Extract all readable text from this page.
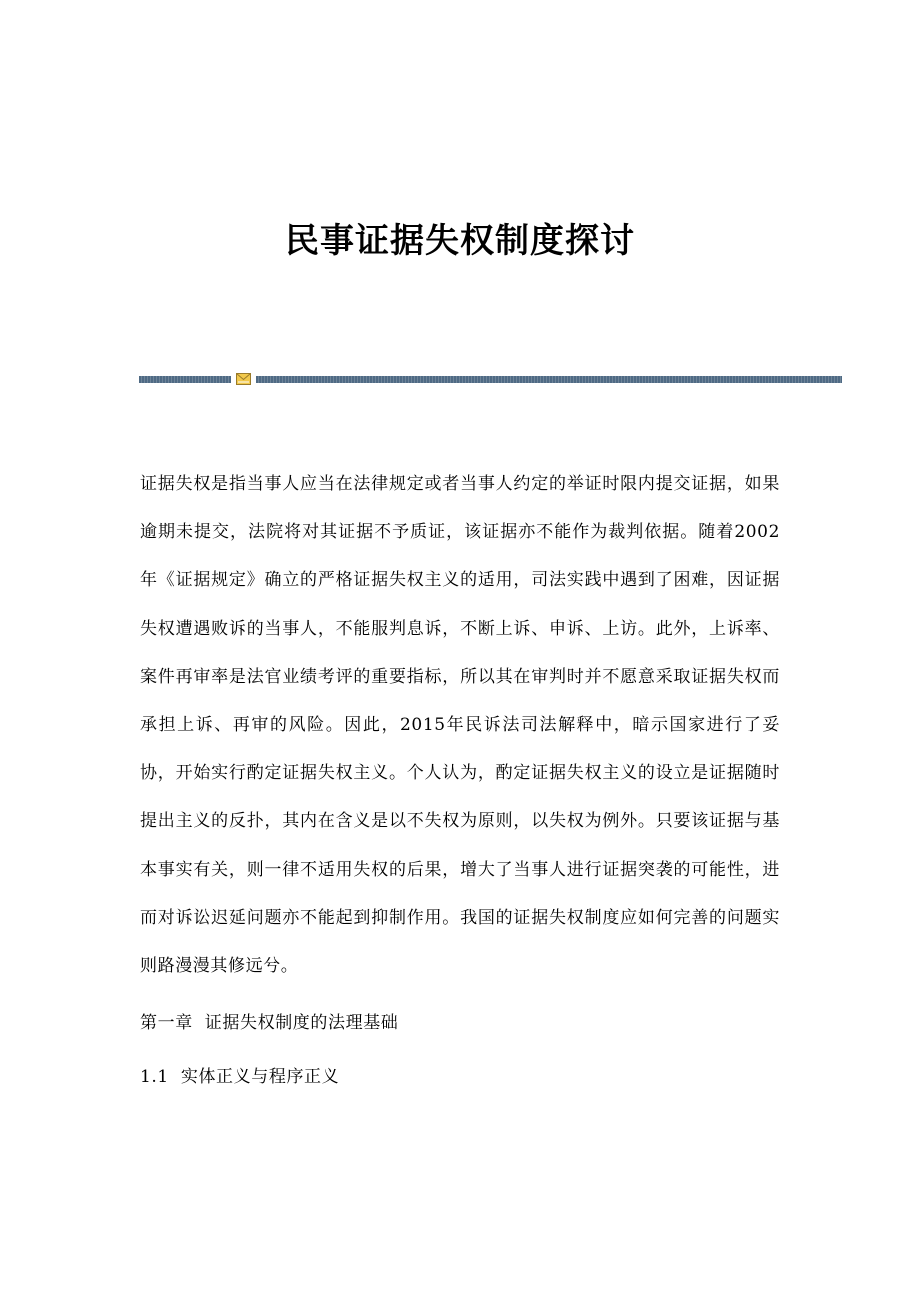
民事证据失权制度探讨

证据失权是指当事人应当在法律规定或者当事人约定的举证时限内提交证据，如果逾期未提交，法院将对其证据不予质证，该证据亦不能作为裁判依据。随着2002年《证据规定》确立的严格证据失权主义的适用，司法实践中遇到了困难，因证据失权遭遇败诉的当事人，不能服判息诉，不断上诉、申诉、上访。此外，上诉率、案件再审率是法官业绩考评的重要指标，所以其在审判时并不愿意采取证据失权而承担上诉、再审的风险。因此，2015年民诉法司法解释中，暗示国家进行了妥协，开始实行酌定证据失权主义。个人认为，酌定证据失权主义的设立是证据随时提出主义的反扑，其内在含义是以不失权为原则，以失权为例外。只要该证据与基本事实有关，则一律不适用失权的后果，增大了当事人进行证据突袭的可能性，进而对诉讼迟延问题亦不能起到抑制作用。我国的证据失权制度应如何完善的问题实则路漫漫其修远兮。

第一章  证据失权制度的法理基础

1.1  实体正义与程序正义
